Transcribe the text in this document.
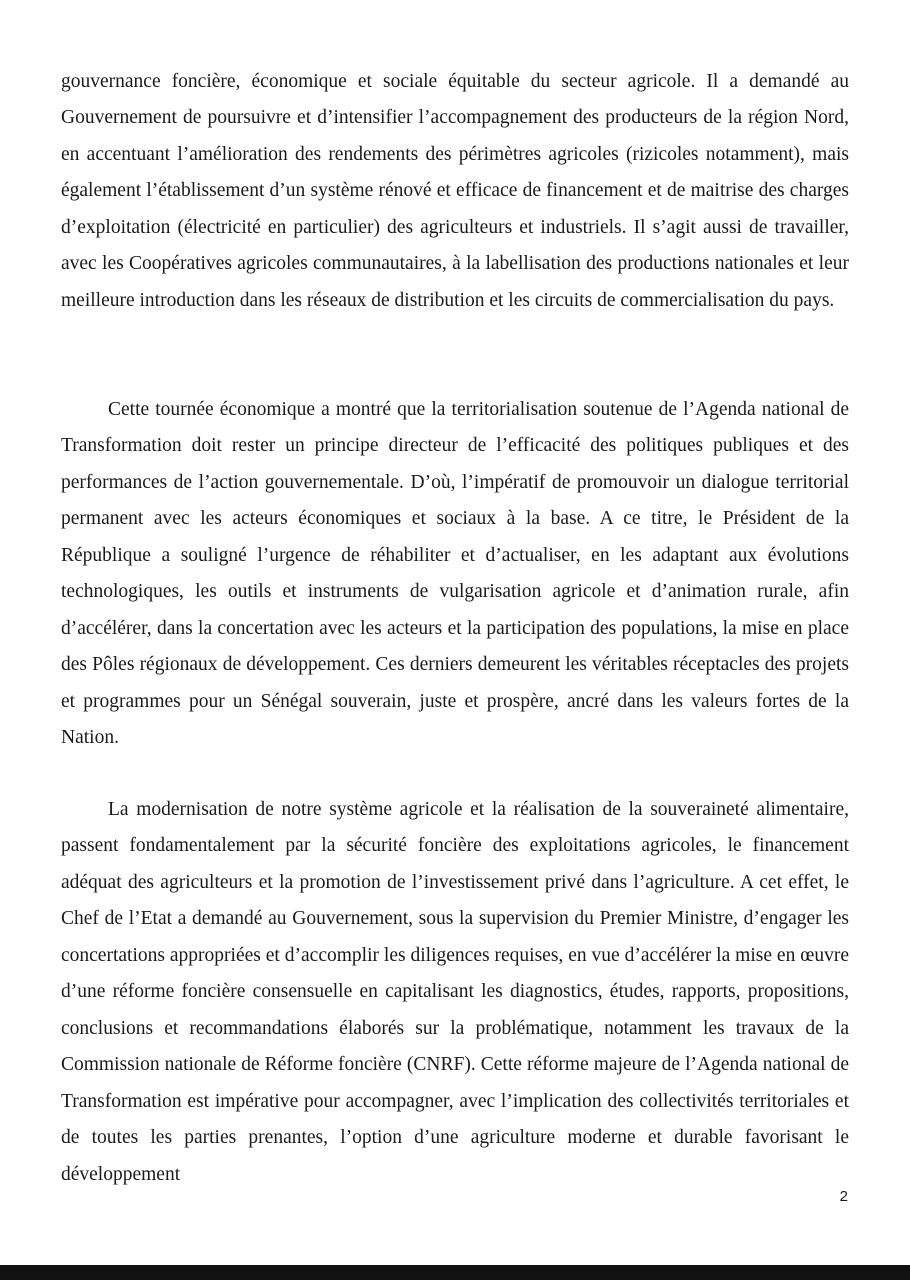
gouvernance foncière, économique et sociale équitable du secteur agricole. Il a demandé au Gouvernement de poursuivre et d’intensifier l’accompagnement des producteurs de la région Nord, en accentuant l’amélioration des rendements des périmètres agricoles (rizicoles notamment), mais également l’établissement d’un système rénové et efficace de financement et de maitrise des charges d’exploitation (électricité en particulier) des agriculteurs et industriels. Il s’agit aussi de travailler, avec les Coopératives agricoles communautaires, à la labellisation des productions nationales et leur meilleure introduction dans les réseaux de distribution et les circuits de commercialisation du pays.

Cette tournée économique a montré que la territorialisation soutenue de l’Agenda national de Transformation doit rester un principe directeur de l’efficacité des politiques publiques et des performances de l’action gouvernementale. D’où, l’impératif de promouvoir un dialogue territorial permanent avec les acteurs économiques et sociaux à la base. A ce titre, le Président de la République a souligné l’urgence de réhabiliter et d’actualiser, en les adaptant aux évolutions technologiques, les outils et instruments de vulgarisation agricole et d’animation rurale, afin d’accélérer, dans la concertation avec les acteurs et la participation des populations, la mise en place des Pôles régionaux de développement. Ces derniers demeurent les véritables réceptacles des projets et programmes pour un Sénégal souverain, juste et prospère, ancré dans les valeurs fortes de la Nation.

La modernisation de notre système agricole et la réalisation de la souveraineté alimentaire, passent fondamentalement par la sécurité foncière des exploitations agricoles, le financement adéquat des agriculteurs et la promotion de l’investissement privé dans l’agriculture. A cet effet, le Chef de l’Etat a demandé au Gouvernement, sous la supervision du Premier Ministre, d’engager les concertations appropriées et d’accomplir les diligences requises, en vue d’accélérer la mise en œuvre d’une réforme foncière consensuelle en capitalisant les diagnostics, études, rapports, propositions, conclusions et recommandations élaborés sur la problématique, notamment les travaux de la Commission nationale de Réforme foncière (CNRF). Cette réforme majeure de l’Agenda national de Transformation est impérative pour accompagner, avec l’implication des collectivités territoriales et de toutes les parties prenantes, l’option d’une agriculture moderne et durable favorisant le développement

2
